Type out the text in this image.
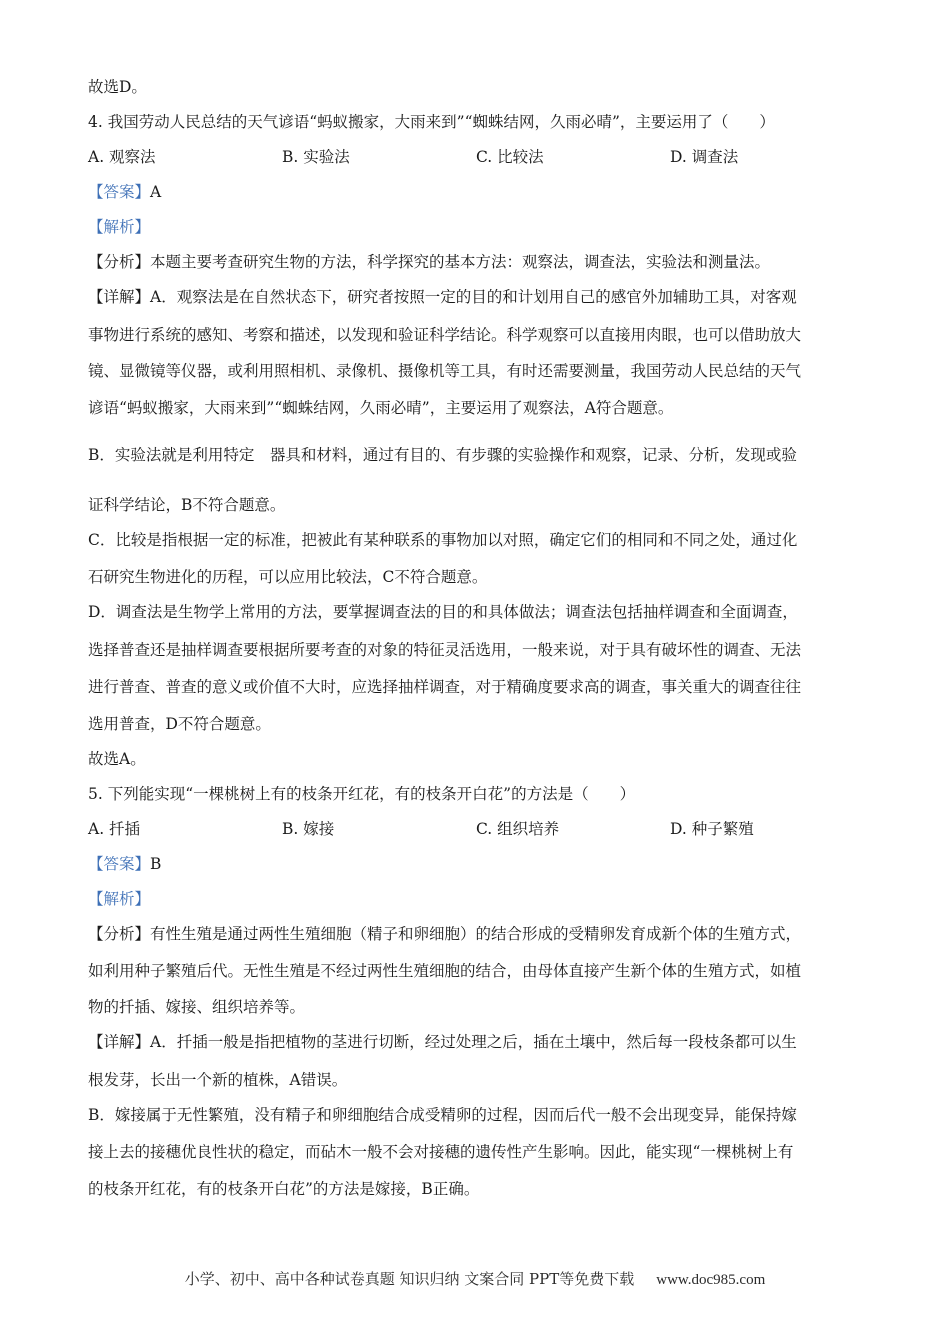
故选D。

4. 我国劳动人民总结的天气谚语“蚂蚁搬家，大雨来到”“蜘蛛结网，久雨必晴”，主要运用了（　　）

A. 观察法	B. 实验法	C. 比较法	D. 调查法

【答案】A

【解析】

【分析】本题主要考查研究生物的方法，科学探究的基本方法：观察法，调查法，实验法和测量法。

【详解】A．观察法是在自然状态下，研究者按照一定的目的和计划用自己的感官外加辅助工具，对客观

事物进行系统的感知、考察和描述，以发现和验证科学结论。科学观察可以直接用肉眼，也可以借助放大

镜、显微镜等仪器，或利用照相机、录像机、摄像机等工具，有时还需要测量，我国劳动人民总结的天气

谚语“蚂蚁搬家，大雨来到”“蜘蛛结网，久雨必晴”，主要运用了观察法，A符合题意。

B．实验法就是利用特定　器具和材料，通过有目的、有步骤的实验操作和观察，记录、分析，发现或验

证科学结论，B不符合题意。

C．比较是指根据一定的标准，把被此有某种联系的事物加以对照，确定它们的相同和不同之处，通过化

石研究生物进化的历程，可以应用比较法，C不符合题意。

D．调查法是生物学上常用的方法，要掌握调查法的目的和具体做法；调查法包括抽样调查和全面调查，

选择普查还是抽样调查要根据所要考查的对象的特征灵活选用，一般来说，对于具有破坏性的调查、无法

进行普查、普查的意义或价值不大时，应选择抽样调查，对于精确度要求高的调查，事关重大的调查往往

选用普查，D不符合题意。

故选A。

5. 下列能实现“一棵桃树上有的枝条开红花，有的枝条开白花”的方法是（　　）

A. 扦插	B. 嫁接	C. 组织培养	D. 种子繁殖

【答案】B

【解析】

【分析】有性生殖是通过两性生殖细胞（精子和卵细胞）的结合形成的受精卵发育成新个体的生殖方式，

如利用种子繁殖后代。无性生殖是不经过两性生殖细胞的结合，由母体直接产生新个体的生殖方式，如植

物的扦插、嫁接、组织培养等。

【详解】A．扦插一般是指把植物的茎进行切断，经过处理之后，插在土壤中，然后每一段枝条都可以生

根发芽，长出一个新的植株，A错误。

B．嫁接属于无性繁殖，没有精子和卵细胞结合成受精卵的过程，因而后代一般不会出现变异，能保持嫁

接上去的接穗优良性状的稳定，而砧木一般不会对接穗的遗传性产生影响。因此，能实现“一棵桃树上有

的枝条开红花，有的枝条开白花”的方法是嫁接，B正确。

小学、初中、高中各种试卷真题 知识归纳 文案合同 PPT等免费下载 www.doc985.com
